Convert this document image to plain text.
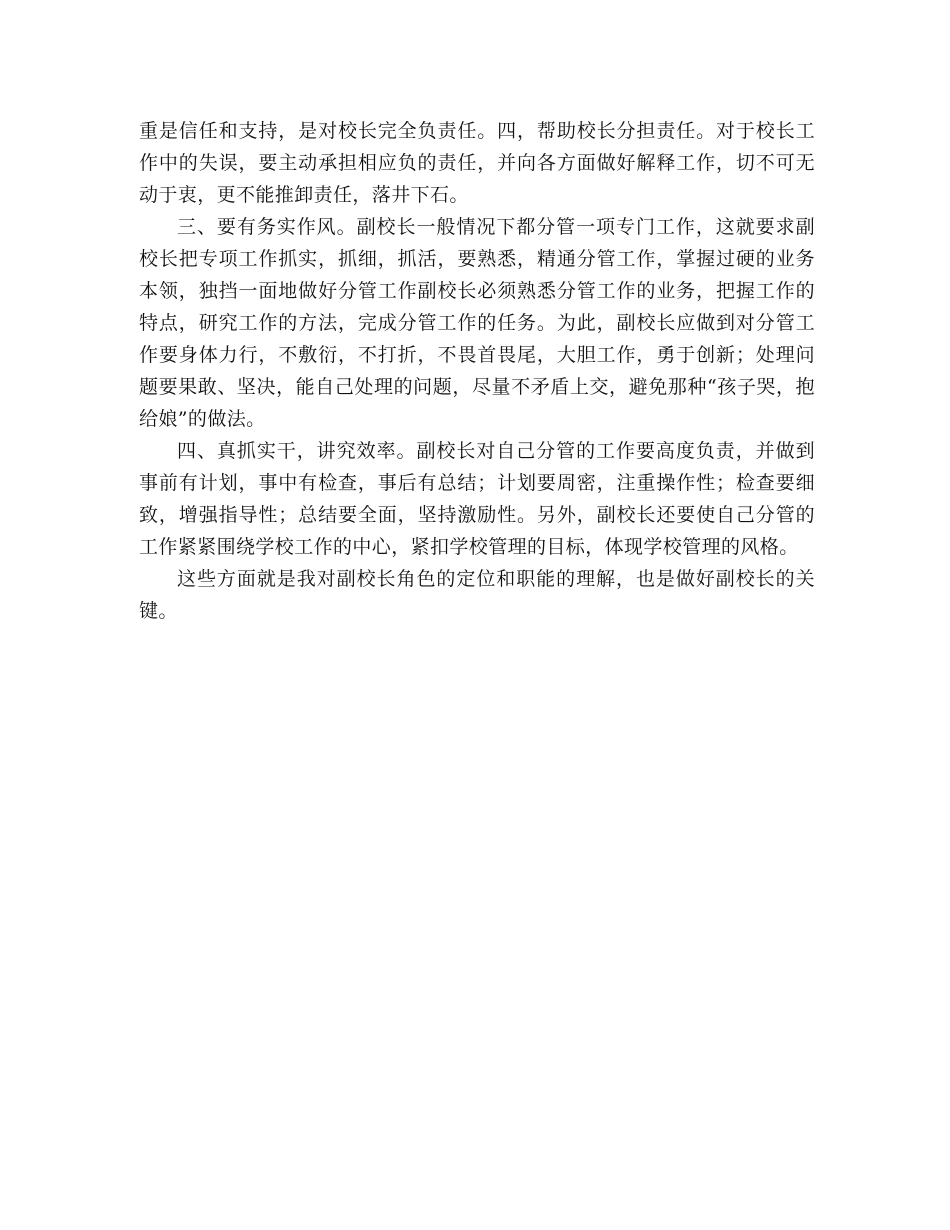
重是信任和支持，是对校长完全负责任。四，帮助校长分担责任。对于校长工作中的失误，要主动承担相应负的责任，并向各方面做好解释工作，切不可无动于衷，更不能推卸责任，落井下石。

三、要有务实作风。副校长一般情况下都分管一项专门工作，这就要求副校长把专项工作抓实，抓细，抓活，要熟悉，精通分管工作，掌握过硬的业务本领，独挡一面地做好分管工作副校长必须熟悉分管工作的业务，把握工作的特点，研究工作的方法，完成分管工作的任务。为此，副校长应做到对分管工作要身体力行，不敷衍，不打折，不畏首畏尾，大胆工作，勇于创新；处理问题要果敢、坚决，能自己处理的问题，尽量不矛盾上交，避免那种“孩子哭，抱给娘”的做法。

四、真抓实干，讲究效率。副校长对自己分管的工作要高度负责，并做到事前有计划，事中有检查，事后有总结；计划要周密，注重操作性；检查要细致，增强指导性；总结要全面，坚持激励性。另外，副校长还要使自己分管的工作紧紧围绕学校工作的中心，紧扣学校管理的目标，体现学校管理的风格。

这些方面就是我对副校长角色的定位和职能的理解，也是做好副校长的关键。
